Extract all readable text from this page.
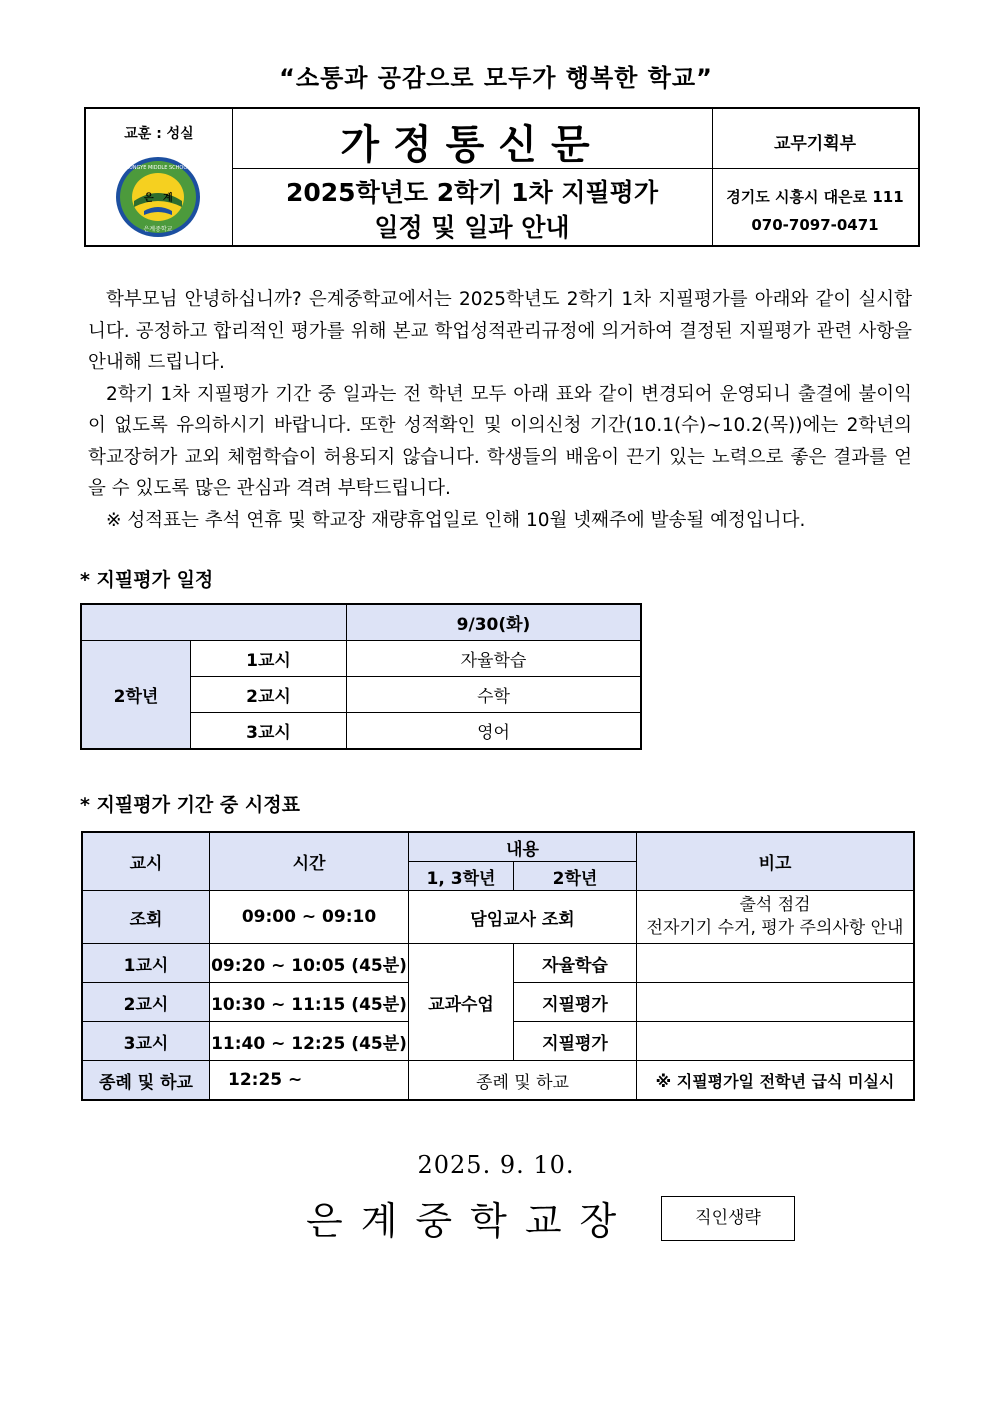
“소통과 공감으로 모두가 행복한 학교”
교훈 : 성실
은 계
EUNGYE MIDDLE SCHOOL
은계중학교
가정통신문
2025학년도 2학기 1차 지필평가
일정 및 일과 안내
교무기획부
경기도 시흥시 대은로 111
070-7097-0471

학부모님 안녕하십니까? 은계중학교에서는 2025학년도 2학기 1차 지필평가를 아래와 같이 실시합니다. 공정하고 합리적인 평가를 위해 본교 학업성적관리규정에 의거하여 결정된 지필평가 관련 사항을 안내해 드립니다.

2학기 1차 지필평가 기간 중 일과는 전 학년 모두 아래 표와 같이 변경되어 운영되니 출결에 불이익이 없도록 유의하시기 바랍니다. 또한 성적확인 및 이의신청 기간(10.1(수)~10.2(목))에는 2학년의 학교장허가 교외 체험학습이 허용되지 않습니다. 학생들의 배움이 끈기 있는 노력으로 좋은 결과를 얻을 수 있도록 많은 관심과 격려 부탁드립니다.

※ 성적표는 추석 연휴 및 학교장 재량휴업일로 인해 10월 넷째주에 발송될 예정입니다.

* 지필평가 일정
		9/30(화)
2학년	1교시	자율학습
	2교시	수학
	3교시	영어
* 지필평가 기간 중 시정표
교시	시간	내용		비고
		1, 3학년	2학년	
조회	09:00 ~ 09:10	담임교사 조회		출석 점검
전자기기 수거, 평가 주의사항 안내

1교시	09:20 ~ 10:05 (45분)	교과수업	자율학습	
2교시	10:30 ~ 11:15 (45분)		지필평가	
3교시	11:40 ~ 12:25 (45분)		지필평가	
종례 및 하교	12:25 ~	종례 및 하교		※ 지필평가일 전학년 급식 미실시
2025. 9. 10.
은계중학교장	직인생략
